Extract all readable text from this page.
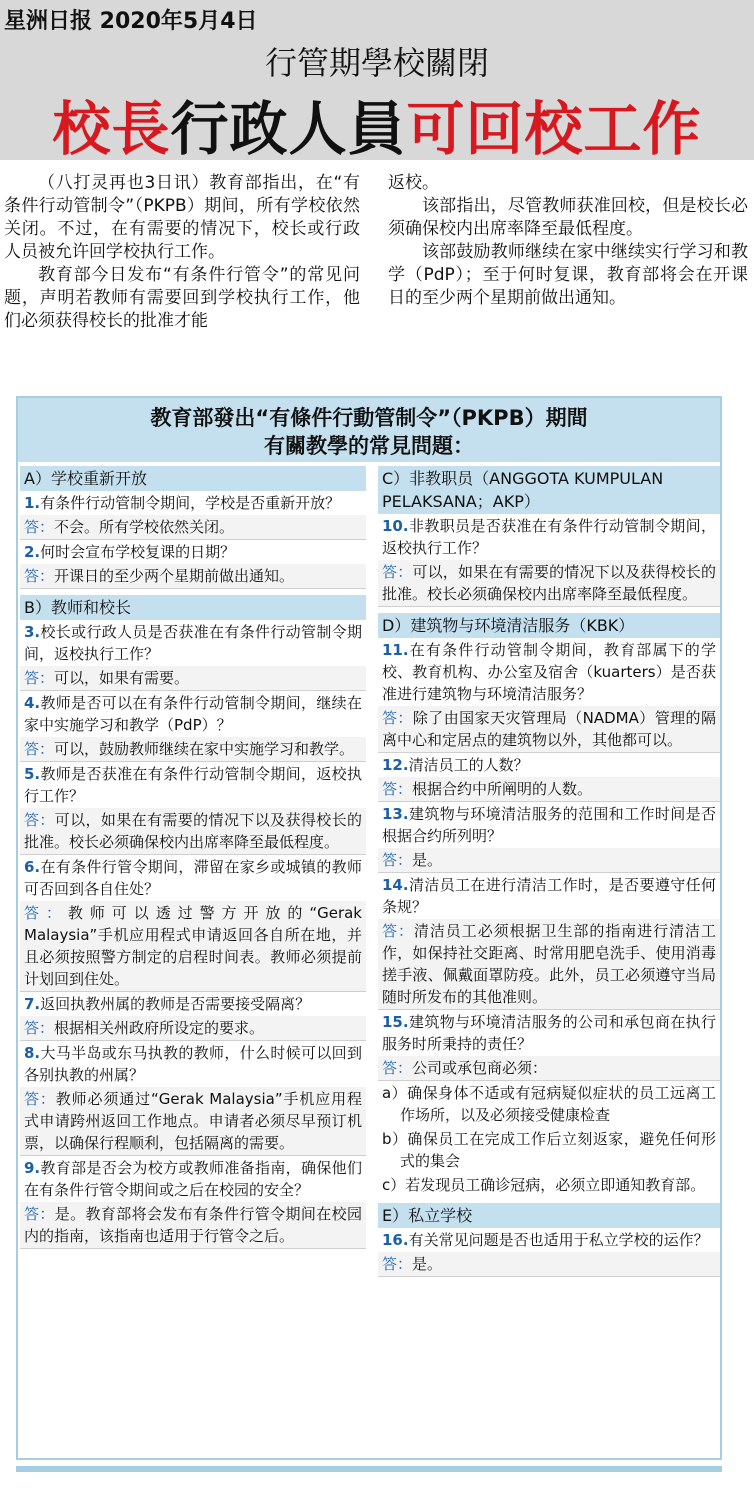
星洲日报 2020年5月4日
行管期學校關閉
校長行政人員可回校工作

（八打灵再也3日讯）教育部指出，在“有条件行动管制令”（PKPB）期间，所有学校依然关闭。不过，在有需要的情况下，校长或行政人员被允许回学校执行工作。

教育部今日发布“有条件行管令”的常见问题，声明若教师有需要回到学校执行工作，他们必须获得校长的批准才能

返校。

该部指出，尽管教师获准回校，但是校长必须确保校内出席率降至最低程度。

该部鼓励教师继续在家中继续实行学习和教学（PdP）；至于何时复课，教育部将会在开课日的至少两个星期前做出通知。

教育部發出“有條件行動管制令”（PKPB）期間
有關教學的常見問題：
A）学校重新开放
1.有条件行动管制令期间，学校是否重新开放？
答：不会。所有学校依然关闭。
2.何时会宣布学校复课的日期？
答：开课日的至少两个星期前做出通知。
B）教师和校长
3.校长或行政人员是否获准在有条件行动管制令期间，返校执行工作？
答：可以，如果有需要。
4.教师是否可以在有条件行动管制令期间，继续在家中实施学习和教学（PdP）？
答：可以，鼓励教师继续在家中实施学习和教学。
5.教师是否获准在有条件行动管制令期间，返校执行工作？
答：可以，如果在有需要的情况下以及获得校长的批准。校长必须确保校内出席率降至最低程度。
6.在有条件行管令期间，滞留在家乡或城镇的教师可否回到各自住处？
答：教师可以透过警方开放的“Gerak Malaysia”手机应用程式申请返回各自所在地，并且必须按照警方制定的启程时间表。教师必须提前计划回到住处。
7.返回执教州属的教师是否需要接受隔离？
答：根据相关州政府所设定的要求。
8.大马半岛或东马执教的教师，什么时候可以回到各别执教的州属？
答：教师必须通过“Gerak Malaysia”手机应用程式申请跨州返回工作地点。申请者必须尽早预订机票，以确保行程顺利，包括隔离的需要。
9.教育部是否会为校方或教师准备指南，确保他们在有条件行管令期间或之后在校园的安全？
答：是。教育部将会发布有条件行管令期间在校园内的指南，该指南也适用于行管令之后。
C）非教职员（ANGGOTA KUMPULAN PELAKSANA；AKP）
10.非教职员是否获准在有条件行动管制令期间，返校执行工作？
答：可以，如果在有需要的情况下以及获得校长的批准。校长必须确保校内出席率降至最低程度。
D）建筑物与环境清洁服务（KBK）
11.在有条件行动管制令期间，教育部属下的学校、教育机构、办公室及宿舍（kuarters）是否获准进行建筑物与环境清洁服务？
答：除了由国家天灾管理局（NADMA）管理的隔离中心和定居点的建筑物以外，其他都可以。
12.清洁员工的人数？
答：根据合约中所阐明的人数。
13.建筑物与环境清洁服务的范围和工作时间是否根据合约所列明？
答：是。
14.清洁员工在进行清洁工作时，是否要遵守任何条规？
答：清洁员工必须根据卫生部的指南进行清洁工作，如保持社交距离、时常用肥皂洗手、使用消毒搓手液、佩戴面罩防疫。此外，员工必须遵守当局随时所发布的其他准则。
15.建筑物与环境清洁服务的公司和承包商在执行服务时所秉持的责任？
答：公司或承包商必须：
a）确保身体不适或有冠病疑似症状的员工远离工作场所，以及必须接受健康检查
b）确保员工在完成工作后立刻返家，避免任何形式的集会
c）若发现员工确诊冠病，必须立即通知教育部。
E）私立学校
16.有关常见问题是否也适用于私立学校的运作？
答：是。
